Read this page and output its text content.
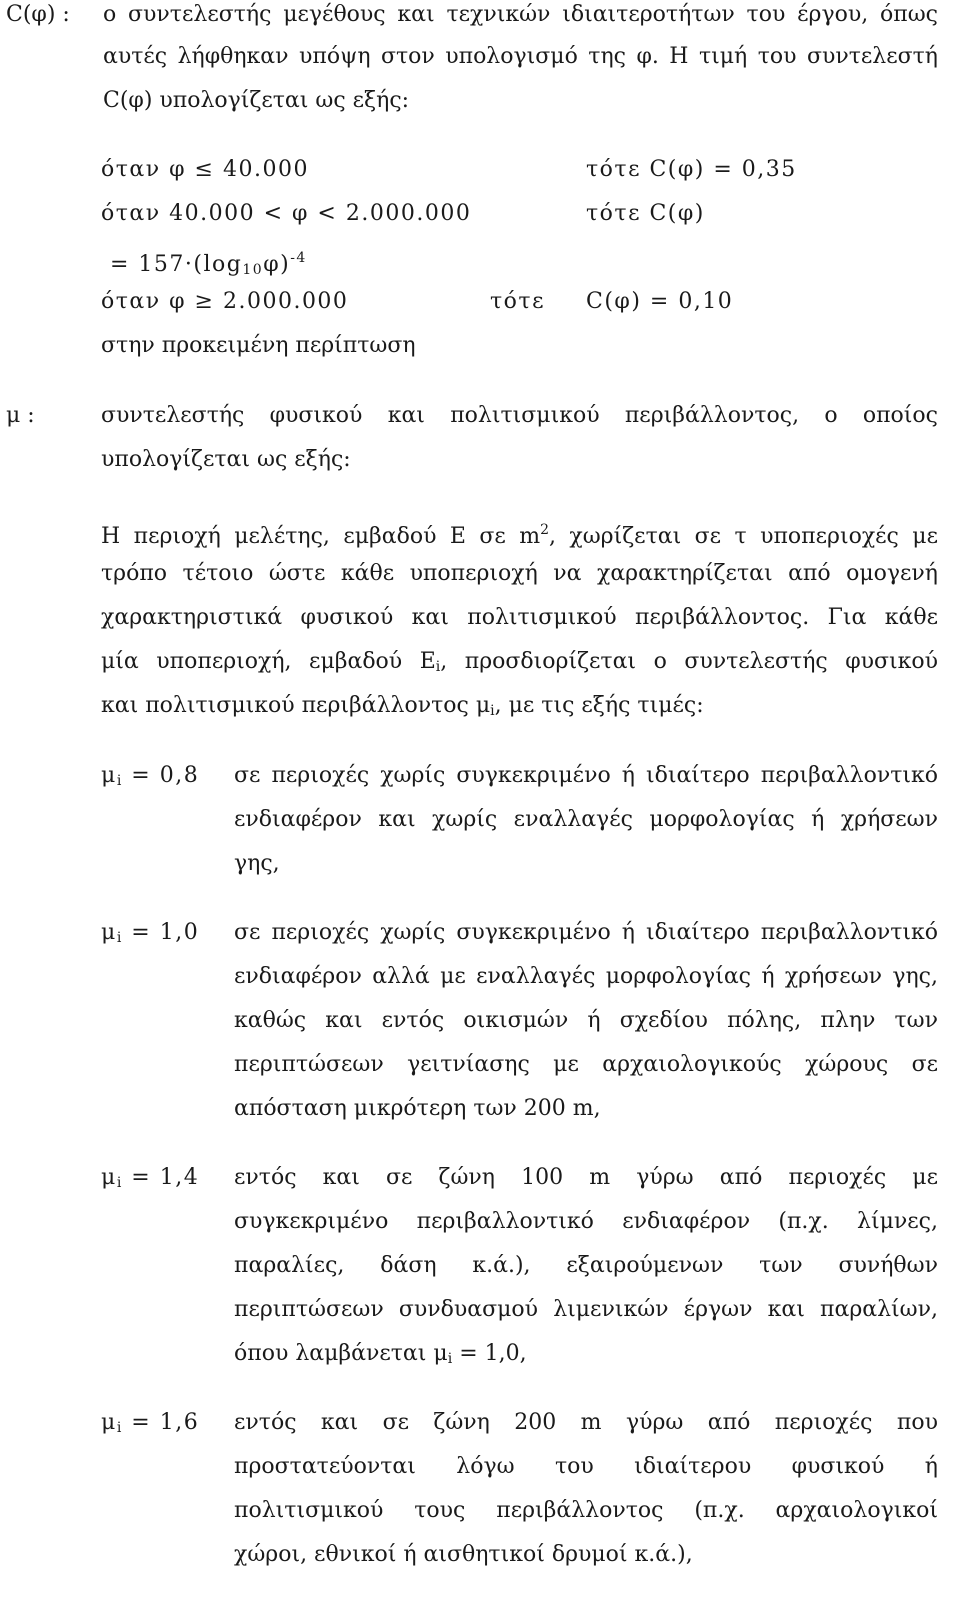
C(φ) :	ο συντελεστής μεγέθους και τεχνικών ιδιαιτεροτήτων του έργου, όπως
αυτές λήφθηκαν υπόψη στον υπολογισμό της φ. Η τιμή του συντελεστή
C(φ) υπολογίζεται ως εξής:
όταν φ ≤ 40.000	τότε C(φ) = 0,35
όταν 40.000 < φ < 2.000.000	τότε C(φ)
= $157\cdot(\log_{10}\varphi)^{-4}$
όταν φ ≥ 2.000.000	τότε C(φ) = 0,10
στην προκειμένη περίπτωση
μ :	συντελεστής φυσικού και πολιτισμικού περιβάλλοντος, ο οποίος
υπολογίζεται ως εξής:
Η περιοχή μελέτης, εμβαδού Ε σε $m^2$, χωρίζεται σε τ υποπεριοχές με
τρόπο τέτοιο ώστε κάθε υποπεριοχή να χαρακτηρίζεται από ομογενή
χαρακτηριστικά φυσικού και πολιτισμικού περιβάλλοντος. Για κάθε
μία υποπεριοχή, εμβαδού $E_i$, προσδιορίζεται ο συντελεστής φυσικού
και πολιτισμικού περιβάλλοντος $\mu_i$, με τις εξής τιμές:
$\mu_i = 0,8$ σε περιοχές χωρίς συγκεκριμένο ή ιδιαίτερο περιβαλλοντικό
ενδιαφέρον και χωρίς εναλλαγές μορφολογίας ή χρήσεων
γης,
$\mu_i = 1,0$ σε περιοχές χωρίς συγκεκριμένο ή ιδιαίτερο περιβαλλοντικό
ενδιαφέρον αλλά με εναλλαγές μορφολογίας ή χρήσεων γης,
καθώς και εντός οικισμών ή σχεδίου πόλης, πλην των
περιπτώσεων γειτνίασης με αρχαιολογικούς χώρους σε
απόσταση μικρότερη των 200 m,
$\mu_i = 1,4$ εντός και σε ζώνη 100 m γύρω από περιοχές με
συγκεκριμένο περιβαλλοντικό ενδιαφέρον (π.χ. λίμνες,
παραλίες, δάση κ.ά.), εξαιρούμενων των συνήθων
περιπτώσεων συνδυασμού λιμενικών έργων και παραλίων,
όπου λαμβάνεται $\mu_i = 1,0$,
$\mu_i = 1,6$ εντός και σε ζώνη 200 m γύρω από περιοχές που
προστατεύονται λόγω του ιδιαίτερου φυσικού ή
πολιτισμικού τους περιβάλλοντος (π.χ. αρχαιολογικοί
χώροι, εθνικοί ή αισθητικοί δρυμοί κ.ά.),
